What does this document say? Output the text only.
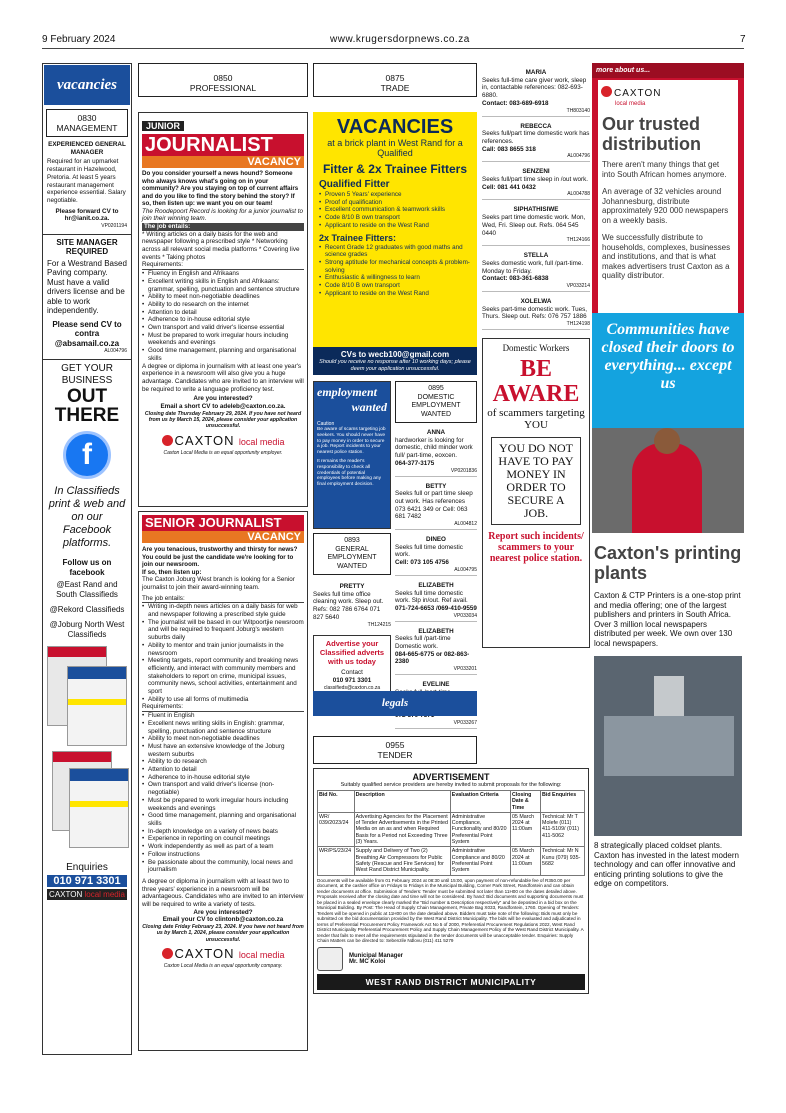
9 February 2024	www.krugersdorpnews.co.za	7
vacancies
0830
MANAGEMENT
EXPERIENCED GENERAL MANAGER
Required for an upmarket restaurant in Hazelwood, Pretoria. At least 5 years restaurant management experience essential. Salary negotiable.
Please forward CV to hr@ianit.co.za.
VP0201194
SITE MANAGER REQUIRED
For a Westrand Based Paving company. Must have a valid drivers license and be able to work independently.
Please send CV to contra @absamail.co.za
AL004796
GET YOUR BUSINESS
OUT
THERE
f
In Classifieds print & web and on our Facebook platforms.
Follow us on facebook
@East Rand and South Classifieds
@Rekord Classifieds
@Joburg North West Classifieds
Enquiries
010 971 3301
CAXTON local media
0850
PROFESSIONAL
JUNIOR
JOURNALIST
VACANCY
Do you consider yourself a news hound? Someone who always knows what's going on in your community? Are you staying on top of current affairs and do you like to find the story behind the story? If so, then listen up: we want you on our team!
The Roodepoort Record is looking for a junior journalist to join their winning team.
The job entails:
* Writing articles on a daily basis for the web and newspaper following a prescribed style * Networking across all relevant social media platforms * Covering live events * Taking photos
Requirements:
• Fluency in English and Afrikaans
• Excellent writing skills in English and Afrikaans: grammar, spelling, punctuation and sentence structure
• Ability to meet non-negotiable deadlines
• Ability to do research on the internet
• Attention to detail
• Adherence to in-house editorial style
• Own transport and valid driver's license essential
• Must be prepared to work irregular hours including weekends and evenings
• Good time management, planning and organisational skills
A degree or diploma in journalism with at least one year's experience in a newsroom will also give you a huge advantage. Candidates who are invited to an interview will be required to write a language proficiency test.
Are you interested?
Email a short CV to adeleb@caxton.co.za.
Closing date Thursday February 29, 2024. If you have not heard from us by March 15, 2024, please consider your application unsuccessful.
CAXTON local media
Caxton Local Media is an equal opportunity employer.
SENIOR JOURNALIST
VACANCY
Are you tenacious, trustworthy and thirsty for news? You could be just the candidate we're looking for to join our newsroom.
If so, then listen up:
The Caxton Joburg West branch is looking for a Senior journalist to join their award-winning team.
The job entails:
• Writing in-depth news articles on a daily basis for web and newspaper following a prescribed style guide
• The journalist will be based in our Witpoortjie newsroom and will be required to frequent Joburg's western suburbs daily
• Ability to mentor and train junior journalists in the newsroom
• Meeting targets, report community and breaking news efficiently, and interact with community members and stakeholders to report on crime, municipal issues, community news, school activities, entertainment and sport
• Ability to use all forms of multimedia
Requirements:
• Fluent in English
• Excellent news writing skills in English: grammar, spelling, punctuation and sentence structure
• Ability to meet non-negotiable deadlines
• Must have an extensive knowledge of the Joburg western suburbs
• Ability to do research
• Attention to detail
• Adherence to in-house editorial style
• Own transport and valid driver's license (non-negotiable)
• Must be prepared to work irregular hours including weekends and evenings
• Good time management, planning and organisational skills
• In-depth knowledge on a variety of news beats
• Experience in reporting on council meetings
• Work independently as well as part of a team
• Follow instructions
• Be passionate about the community, local news and journalism
A degree or diploma in journalism with at least two to three years' experience in a newsroom will be advantageous. Candidates who are invited to an interview will be required to write a variety of tests.
Are you interested?
Email your CV to clintonb@caxton.co.za
Closing date Friday February 23, 2024. If you have not heard from us by March 1, 2024, please consider your application unsuccessful.
CAXTON local media
Caxton Local Media is an equal opportunity company.
0875
TRADE
VACANCIES
at a brick plant in West Rand for a Qualified
Fitter & 2x Trainee Fitters
Qualified Fitter
• Proven 5 Years' experience
• Proof of qualification
• Excellent communication & teamwork skills
• Code 8/10 B own transport
• Applicant to reside on the West Rand
2x Trainee Fitters:
• Recent Grade 12 graduates with good maths and science grades
• Strong aptitude for mechanical concepts & problem-solving
• Enthusiastic & willingness to learn
• Code 8/10 B own transport
• Applicant to reside on the West Rand
CVs to wecb100@gmail.com
Should you receive no response after 10 working days; please deem your application unsuccessful.
employment
wanted
Caution
Be aware of scams targeting job seekers. You should never have to pay money in order to secure a job. Report incidents to your nearest police station.
It remains the reader's responsibility to check all credentials of potential employees before making any final employment decision.
0893
GENERAL EMPLOYMENT WANTED
PRETTY
Seeks full time office cleaning work. Sleep out. Refs: 082 786 6764 071 827 5640
TH124215
Advertise your Classified adverts with us today
Contact
010 971 3301
classifieds@caxton.co.za
0895
DOMESTIC EMPLOYMENT WANTED
ANNA
hardworker is looking for domestic, child minder work full/ part-time, eoxcen.
064-377-3175
VP0201836
BETTY
Seeks full or part time sleep out work. Has references 073 6421 349 or Cell: 063 681 7482
AL004812
DINEO
Seeks full time domestic work.
Cell: 073 105 4756
AL004795
ELIZABETH
Seeks full time domestic work. Slp in/out. Ref avail.
071-724-6653 /069-410-9559
VP033034
ELIZABETH
Seeks full /part-time Domestic work.
084-665-6775 or 082-863-2380
VP033201
EVELINE
VP033267
legals
0955
TENDER
ADVERTISEMENT
Suitably qualified service providers are hereby invited to submit proposals for the following:
Bid No.	Description	Evaluation Criteria	Closing Date & Time	Bid Enquiries
WR/ 039/2023/24	Advertising Agencies for the Placement of Tender Advertisements in the Printed Media on an as and when Required Basis for a Period not Exceeding Three (3) Years.	Administrative Compliance, Functionality and 80/20 Preferential Point System	05 March 2024 at 11:00am	Technical: Mr T Molefe (011) 411-5109/ (011) 411-5062
WR/PS/23/24	Supply and Delivery of Two (2) Breathing Air Compressors for Public Safety (Rescue and Fire Services) for West Rand District Municipality.	Administrative Compliance and 80/20 Preferential Point System	05 March 2024 at 11:00am	Technical: Mr N Kunu (079) 935-5682
Documents will be available from 01 February 2024 at 08:30 until 15:00, upon payment of non-refundable fee of R350.00 per document, at the cashier office on Fridays to Fridays in the Municipal Building, Corner Park Street, Randfontein and can obtain tender documents at office. Submission of Tenders: Tender must be submitted not later than 11H00 on the dates detailed above. Proposals received after the closing date and time will not be considered. By hand: Bid documents and supporting documents must be placed in a sealed envelope clearly marked the "Bid number & Description respectively" and be deposited in a bid box on the Municipal Building. By Post: The Head of Supply Chain Management, Private Bag X033, Randfontein, 1760. Opening of Tenders: Tenders will be opened in public at 11H00 on the date detailed above. Bidders must take note of the following: Bids must only be submitted on the bid documentation provided by the West Rand District Municipality. The bids will be evaluated and adjudicated in terms of Preferential Procurement Policy Framework Act No 5 of 2000, Preferential Procurement Regulations 2022, West Rand District Municipality Preferential Procurement Policy and Supply Chain Management Policy of the West Rand District Municipality. A tender that fails to meet all the requirements stipulated in the tender documents will be unacceptable tender. Enquiries: Supply Chain Matters can be directed to: Sebenzile Ndlovu (011) 411 5279
Municipal Manager
Mr. MC Koloi
WEST RAND DISTRICT MUNICIPALITY
MARIA
Seeks full-time care giver work, sleep in, contactable references: 082-693-6880.
Contact: 083-689-6918
TH803140
REBECCA
Seeks full/part time domestic work has references.
Call: 083 8655 318
AL004796
SENZENI
Seeks full/part time sleep in /out work.
Cell: 081 441 0432
AL004788
SIPHATHISIWE
Seeks part time domestic work. Mon, Wed, Fri. Sleep out. Refs. 064 545 0440
TH124166
STELLA
Seeks domestic work, full /part-time. Monday to Friday.
Contact: 083-361-6838
VP033214
XOLELWA
Seeks part-time domestic work. Tues, Thurs. Sleep out. Refs: 076 757 1886
TH124198
Domestic Workers
BE
AWARE
of scammers targeting YOU
YOU DO NOT HAVE TO PAY MONEY IN ORDER TO SECURE A JOB.
Report such incidents/ scammers to your nearest police station.
more about us...
CAXTON
local media
Our trusted distribution
There aren't many things that get into South African homes anymore.
An average of 32 vehicles around Johannesburg, distribute approximately 920 000 newspapers on a weekly basis.
We successfully distribute to households, complexes, businesses and institutions, and that is what makes advertisers trust Caxton as a quality distributor.
Communities have closed their doors to everything... except us
Caxton's printing plants
Caxton & CTP Printers is a one-stop print and media offering; one of the largest publishers and printers in South Africa. Over 3 million local newspapers distributed per week. We own over 130 local newspapers.
8 strategically placed coldset plants. Caxton has invested in the latest modern technology and can offer innovative and enticing printing solutions to give the edge on competitors.
